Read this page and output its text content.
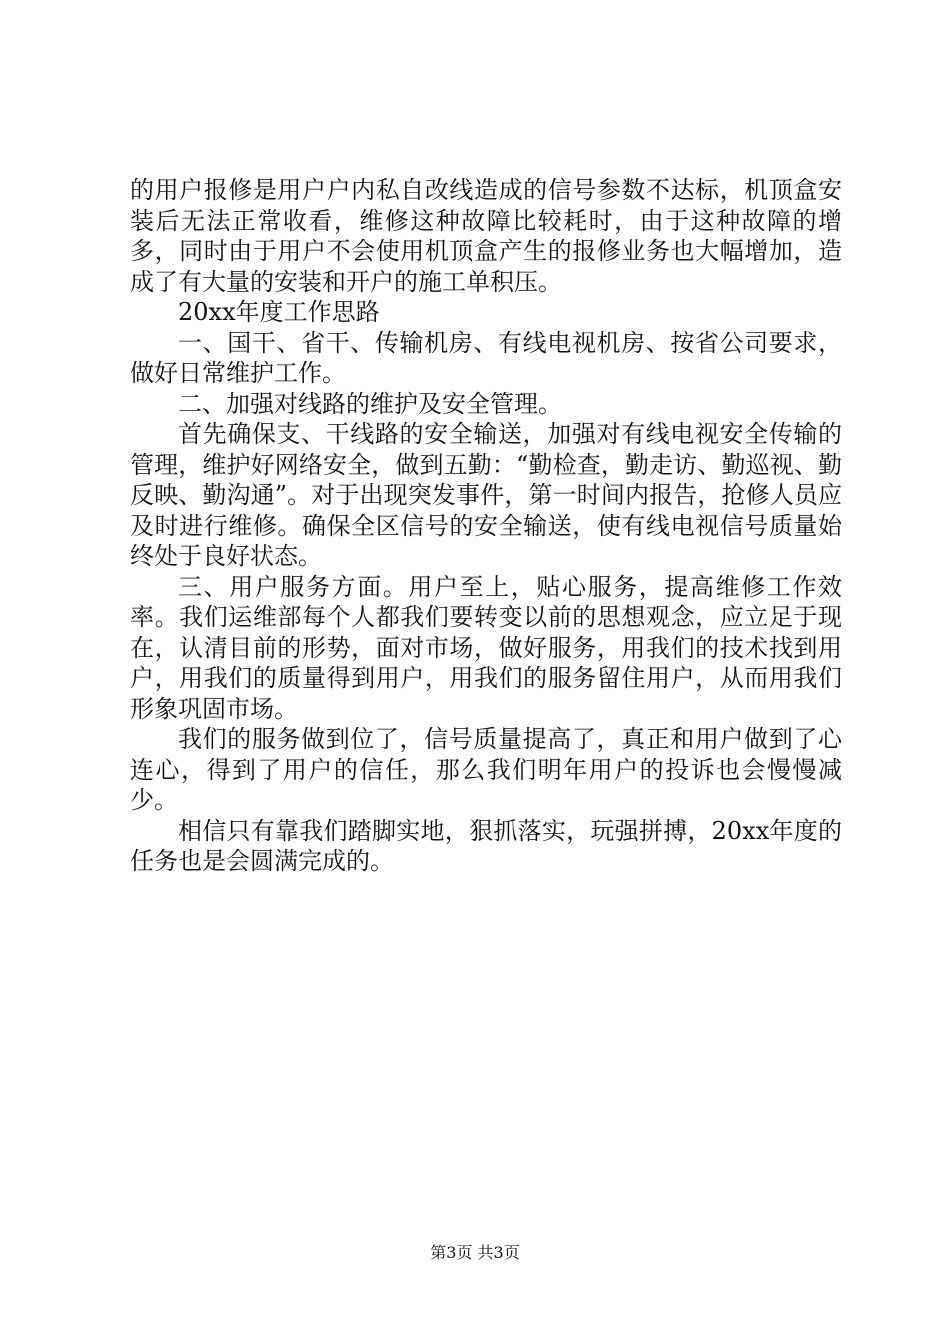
的用户报修是用户户内私自改线造成的信号参数不达标，机顶盒安装后无法正常收看，维修这种故障比较耗时，由于这种故障的增多，同时由于用户不会使用机顶盒产生的报修业务也大幅增加，造成了有大量的安装和开户的施工单积压。

20xx年度工作思路

一、国干、省干、传输机房、有线电视机房、按省公司要求，做好日常维护工作。

二、加强对线路的维护及安全管理。

首先确保支、干线路的安全输送，加强对有线电视安全传输的管理，维护好网络安全，做到五勤：“勤检查，勤走访、勤巡视、勤反映、勤沟通”。对于出现突发事件，第一时间内报告，抢修人员应及时进行维修。确保全区信号的安全输送，使有线电视信号质量始终处于良好状态。

三、用户服务方面。用户至上，贴心服务，提高维修工作效率。我们运维部每个人都我们要转变以前的思想观念，应立足于现在，认清目前的形势，面对市场，做好服务，用我们的技术找到用户，用我们的质量得到用户，用我们的服务留住用户，从而用我们形象巩固市场。

我们的服务做到位了，信号质量提高了，真正和用户做到了心连心，得到了用户的信任，那么我们明年用户的投诉也会慢慢减少。

相信只有靠我们踏脚实地，狠抓落实，玩强拼搏，20xx年度的任务也是会圆满完成的。

第3页 共3页
